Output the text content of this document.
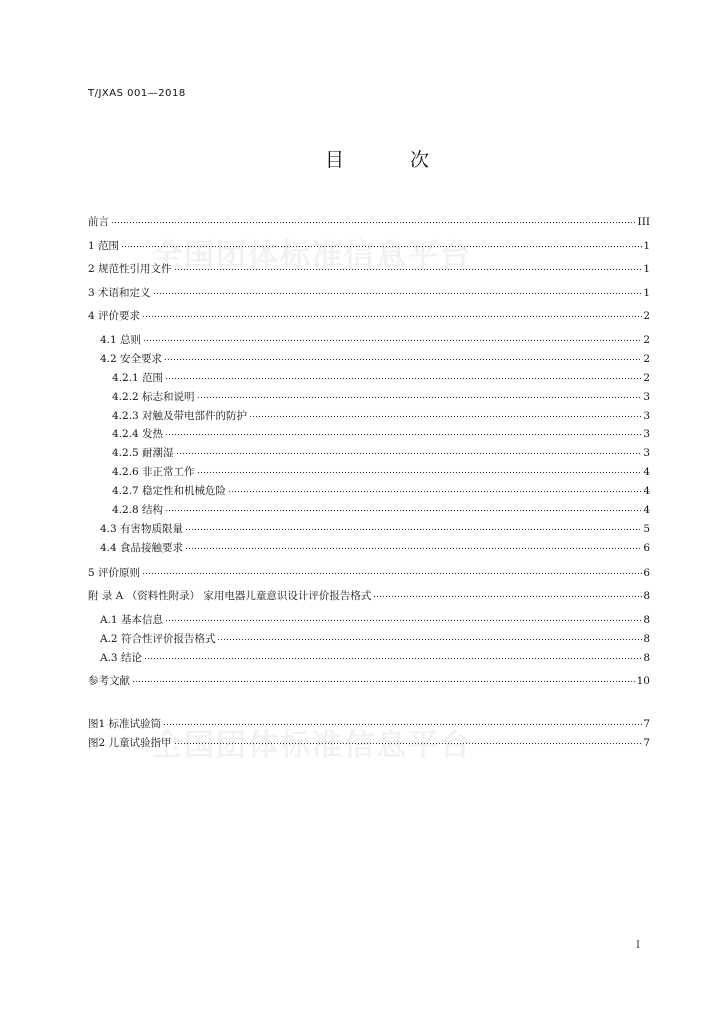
T/JXAS 001—2018
目 次
全国团体标准信息平台
前言	III
1 范围	1
2 规范性引用文件	1
3 术语和定义	1
4 评价要求	2
4.1 总则	2
4.2 安全要求	2
4.2.1 范围	2
4.2.2 标志和说明	3
4.2.3 对触及带电部件的防护	3
4.2.4 发热	3
4.2.5 耐潮湿	3
4.2.6 非正常工作	4
4.2.7 稳定性和机械危险	4
4.2.8 结构	4
4.3 有害物质限量	5
4.4 食品接触要求	6
5 评价原则	6
附 录 A （资料性附录） 家用电器儿童意识设计评价报告格式	8
A.1 基本信息	8
A.2 符合性评价报告格式	8
A.3 结论	8
参考文献	10
图1 标准试验筒	7
图2 儿童试验指甲	7
I
